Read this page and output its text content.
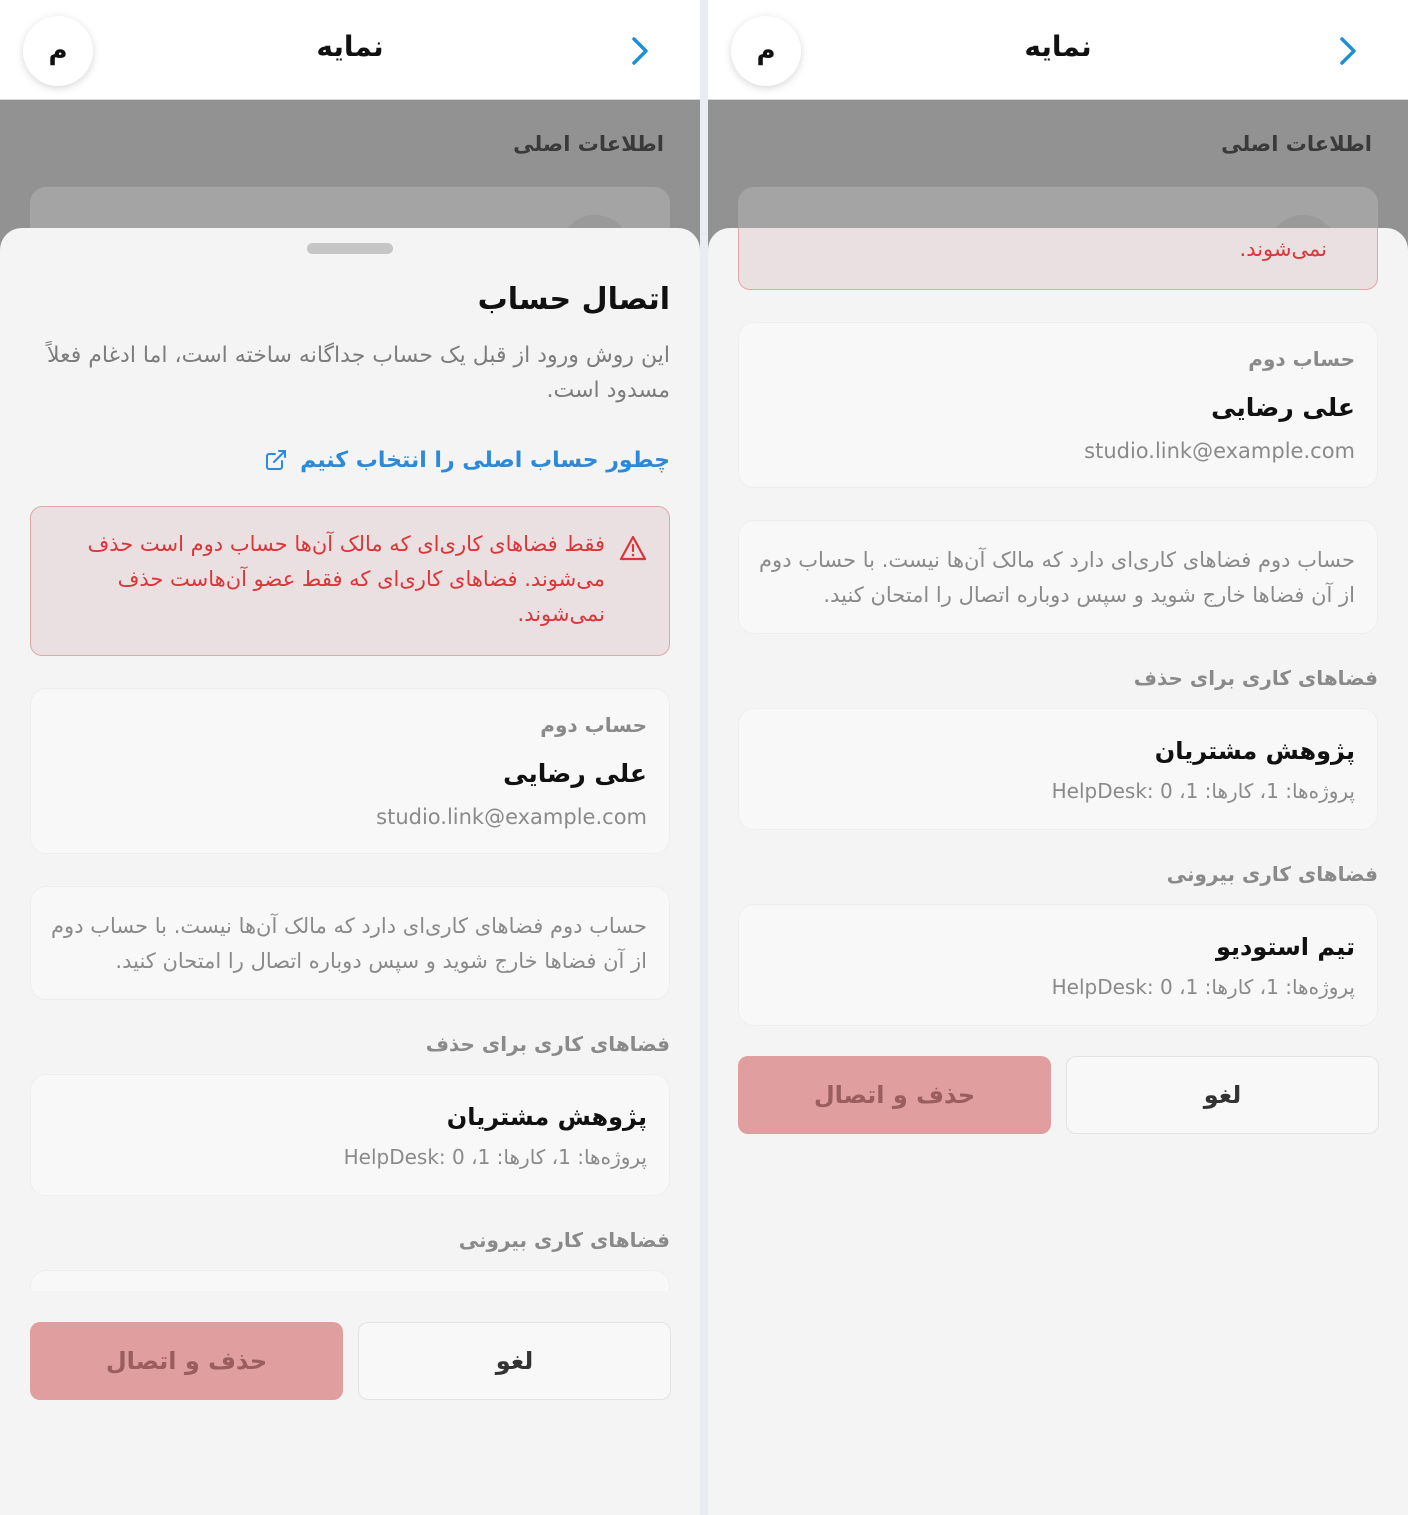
م	نمایه
اطلاعات اصلی
اتصال حساب
این روش ورود از قبل یک حساب جداگانه ساخته است، اما ادغام فعلاً مسدود است.
چطور حساب اصلی را انتخاب کنیم
فقط فضاهای کاری‌ای که مالک آن‌ها حساب دوم است حذف می‌شوند. فضاهای کاری‌ای که فقط عضو آن‌هاست حذف نمی‌شوند.
حساب دوم
علی رضایی
studio.link@example.com
حساب دوم فضاهای کاری‌ای دارد که مالک آن‌ها نیست. با حساب دوم از آن فضاها خارج شوید و سپس دوباره اتصال را امتحان کنید.
فضاهای کاری برای حذف
پژوهش مشتریان
پروژه‌ها: 1، کارها: 1، HelpDesk: 0
فضاهای کاری بیرونی
حذف و اتصال	لغو
م	نمایه
اطلاعات اصلی
نمی‌شوند.
حساب دوم
علی رضایی
studio.link@example.com
حساب دوم فضاهای کاری‌ای دارد که مالک آن‌ها نیست. با حساب دوم از آن فضاها خارج شوید و سپس دوباره اتصال را امتحان کنید.
فضاهای کاری برای حذف
پژوهش مشتریان
پروژه‌ها: 1، کارها: 1، HelpDesk: 0
فضاهای کاری بیرونی
تیم استودیو
پروژه‌ها: 1، کارها: 1، HelpDesk: 0
حذف و اتصال	لغو
